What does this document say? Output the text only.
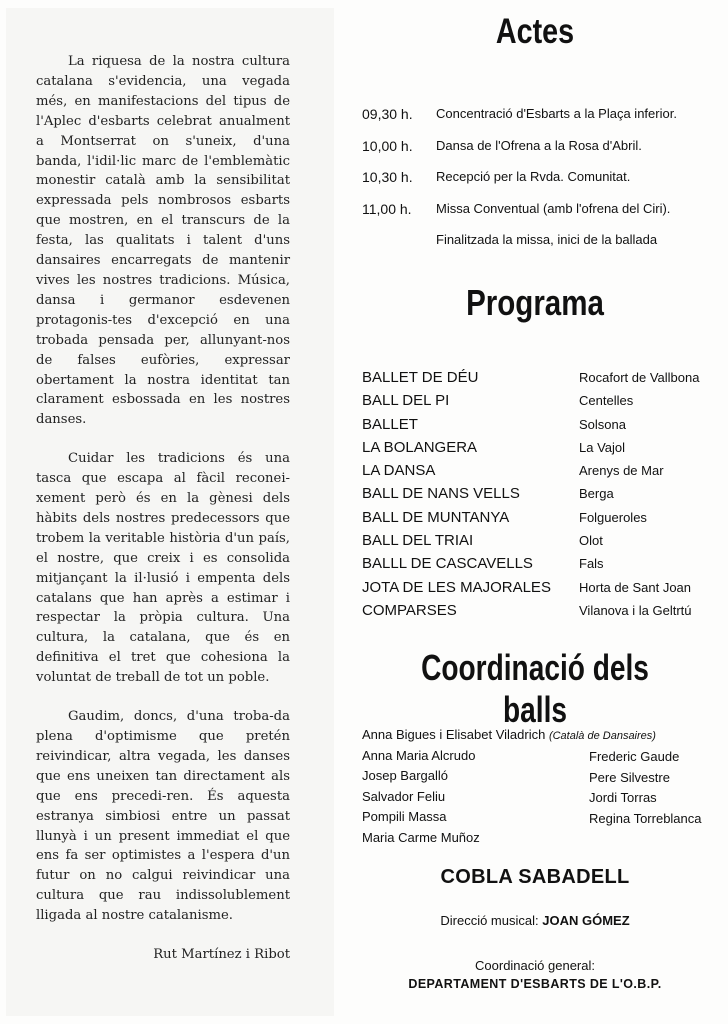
La riquesa de la nostra cultura catalana s'evidencia, una vegada més, en manifestacions del tipus de l'Aplec d'esbarts celebrat anualment a Montserrat on s'uneix, d'una banda, l'idil·lic marc de l'emblemàtic monestir català amb la sensibilitat expressada pels nombrosos esbarts que mostren, en el transcurs de la festa, las qualitats i talent d'uns dansaires encarregats de mantenir vives les nostres tradicions. Música, dansa i germanor esdevenen protagonis-tes d'excepció en una trobada pensada per, allunyant-nos de falses eufòries, expressar obertament la nostra identitat tan clarament esbossada en les nostres danses.

Cuidar les tradicions és una tasca que escapa al fàcil reconei-xement però és en la gènesi dels hàbits dels nostres predecessors que trobem la veritable història d'un país, el nostre, que creix i es consolida mitjançant la il·lusió i empenta dels catalans que han après a estimar i respectar la pròpia cultura. Una cultura, la catalana, que és en definitiva el tret que cohesiona la voluntat de treball de tot un poble.

Gaudim, doncs, d'una troba-da plena d'optimisme que pretén reivindicar, altra vegada, les danses que ens uneixen tan directament als que ens precedi-ren. És aquesta estranya simbiosi entre un passat llunyà i un present immediat el que ens fa ser optimistes a l'espera d'un futur on no calgui reivindicar una cultura que rau indissolublement lligada al nostre catalanisme.

Rut Martínez i Ribot
Actes
09,30 h.	Concentració d'Esbarts a la Plaça inferior.
10,00 h.	Dansa de l'Ofrena a la Rosa d'Abril.
10,30 h.	Recepció per la Rvda. Comunitat.
11,00 h.	Missa Conventual (amb l'ofrena del Ciri).
Finalitzada la missa, inici de la ballada
Programa
BALLET DE DÉU	Rocafort de Vallbona
BALL DEL PI	Centelles
BALLET	Solsona
LA BOLANGERA	La Vajol
LA DANSA	Arenys de Mar
BALL DE NANS VELLS	Berga
BALL DE MUNTANYA	Folgueroles
BALL DEL TRIAI	Olot
BALLL DE CASCAVELLS	Fals
JOTA DE LES MAJORALES Horta de Sant Joan
COMPARSES	Vilanova i la Geltrtú
Coordinació dels balls
Anna Bigues i Elisabet Viladrich (Català de Dansaires)
Anna Maria Alcrudo
Josep Bargalló
Salvador Feliu
Pompili Massa
Maria Carme Muñoz
Frederic Gaude
Pere Silvestre
Jordi Torras
Regina Torreblanca
COBLA SABADELL
Direcció musical: JOAN GÓMEZ
Coordinació general:
DEPARTAMENT D'ESBARTS DE L'O.B.P.
